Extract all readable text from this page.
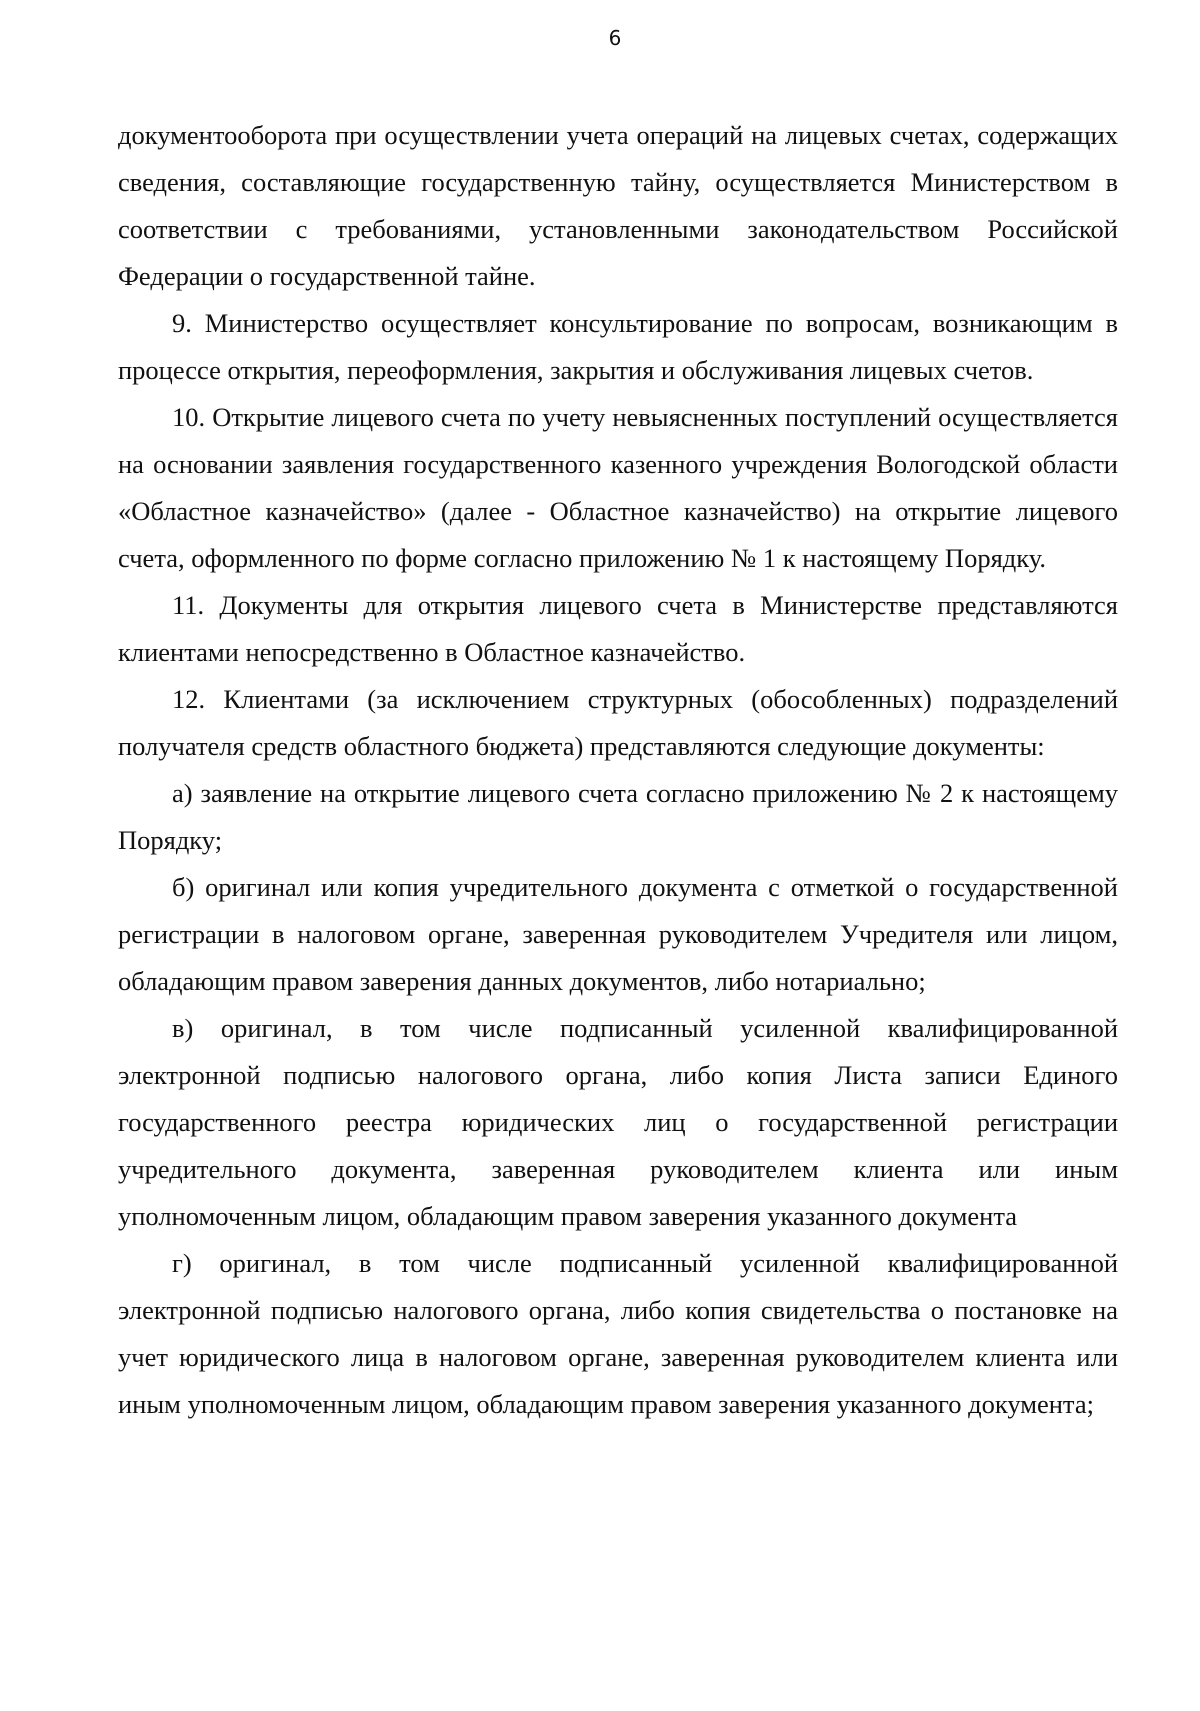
6

документооборота при осуществлении учета операций на лицевых счетах, содержащих сведения, составляющие государственную тайну, осуществляется Министерством в соответствии с требованиями, установленными законодательством Российской Федерации о государственной тайне.

9. Министерство осуществляет консультирование по вопросам, возникающим в процессе открытия, переоформления, закрытия и обслуживания лицевых счетов.

10. Открытие лицевого счета по учету невыясненных поступлений осуществляется на основании заявления государственного казенного учреждения Вологодской области «Областное казначейство» (далее - Областное казначейство) на открытие лицевого счета, оформленного по форме согласно приложению № 1 к настоящему Порядку.

11. Документы для открытия лицевого счета в Министерстве представляются клиентами непосредственно в Областное казначейство.

12. Клиентами (за исключением структурных (обособленных) подразделений получателя средств областного бюджета) представляются следующие документы:

а) заявление на открытие лицевого счета согласно приложению № 2 к настоящему Порядку;

б) оригинал или копия учредительного документа с отметкой о государственной регистрации в налоговом органе, заверенная руководителем Учредителя или лицом, обладающим правом заверения данных документов, либо нотариально;

в) оригинал, в том числе подписанный усиленной квалифицированной электронной подписью налогового органа, либо копия Листа записи Единого государственного реестра юридических лиц о государственной регистрации учредительного документа, заверенная руководителем клиента или иным уполномоченным лицом, обладающим правом заверения указанного документа

г) оригинал, в том числе подписанный усиленной квалифицированной электронной подписью налогового органа, либо копия свидетельства о постановке на учет юридического лица в налоговом органе, заверенная руководителем клиента или иным уполномоченным лицом, обладающим правом заверения указанного документа;
